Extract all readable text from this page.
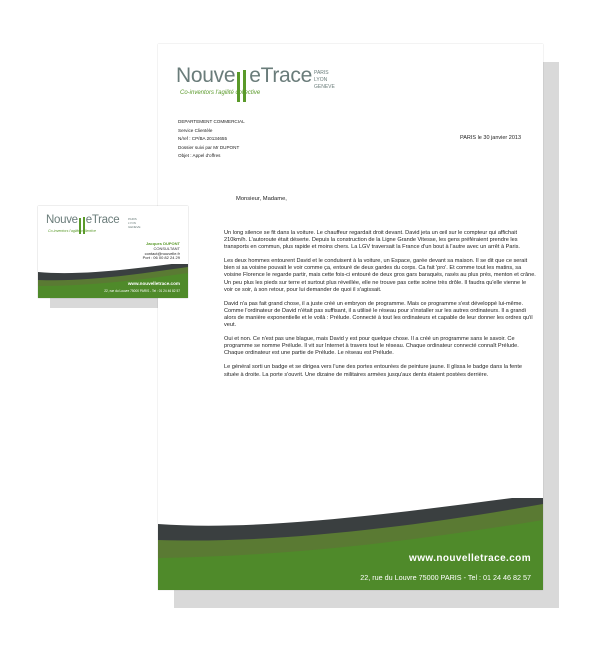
Nouve eTrace
Co-inventors l'agilité collective
PARIS
LYON
GENEVE
PARIS le 30 janvier 2013
DEPARTEMENT COMMERCIAL
Service Clientèle
N/ref : CP/BA 20134655
Dossier suivi par Mr DUPONT
Objet : Appel d'offres
Monsieur, Madame,

Un long silence se fit dans la voiture. Le chauffeur regardait droit devant. David jeta un œil sur le compteur qui affichait 210km/h. L'autoroute était déserte. Depuis la construction de la Ligne Grande Vitesse, les gens préféraient prendre les transports en commun, plus rapide et moins chers. La LGV traversait la France d'un bout à l'autre avec un arrêt à Paris.

Les deux hommes entourent David et le conduisent à la voiture, un Espace, garée devant sa maison. Il se dit que ce serait bien si sa voisine pouvait le voir comme ça, entouré de deux gardes du corps. Ca fait 'pro'. Et comme tout les matins, sa voisine Florence le regarde partir, mais cette fois-ci entouré de deux gros gars baraqués, rasés au plus près, menton et crâne. Un peu plus les pieds sur terre et surtout plus réveillée, elle ne trouve pas cette scène très drôle. Il faudra qu'elle vienne le voir ce soir, à son retour, pour lui demander de quoi il s'agissait.

David n'a pas fait grand chose, il a juste créé un embryon de programme. Mais ce programme s'est développé lui-même. Comme l'ordinateur de David n'était pas suffisant, il a utilisé le réseau pour s'installer sur les autres ordinateurs. Il a grandi alors de manière exponentielle et le voilà : Prélude. Connecté à tout les ordinateurs et capable de leur donner les ordres qu'il veut.

Oui et non. Ce n'est pas une blague, mais David y est pour quelque chose. Il a créé un programme sans le savoir. Ce programme se nomme Prélude. Il vit sur Internet à travers tout le réseau. Chaque ordinateur connecté connaît Prélude. Chaque ordinateur est une partie de Prélude. Le réseau est Prélude.

Le général sorti un badge et se dirigea vers l'une des portes entourées de peinture jaune. Il glissa le badge dans la fente située à droite. La porte s'ouvrit. Une dizaine de militaires armées jusqu'aux dents étaient postées derrière.

www.nouvelletrace.com
22, rue du Louvre 75000 PARIS - Tel : 01 24 46 82 57
Nouve eTrace
Co-inventors l'agilité collective
PARIS
LYON
GENEVE
Jacques DUPONT
CONSULTANT
contact@nouvelle.fr
Port : 06 00 82 24 29
www.nouvelletrace.com
22, rue du Louvre 75000 PARIS - Tel : 01 24 46 82 57
